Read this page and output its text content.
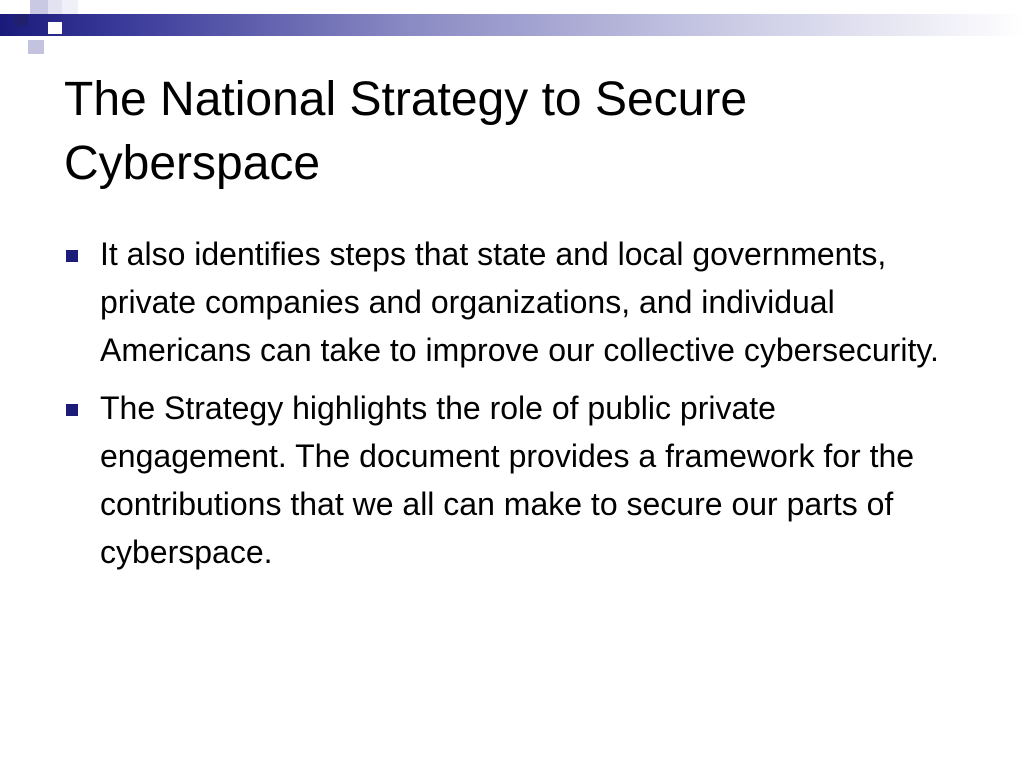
The National Strategy to Secure Cyberspace
It also identifies steps that state and local governments, private companies and organizations, and individual Americans can take to improve our collective cybersecurity.
The Strategy highlights the role of public private engagement. The document provides a framework for the contributions that we all can make to secure our parts of cyberspace.
